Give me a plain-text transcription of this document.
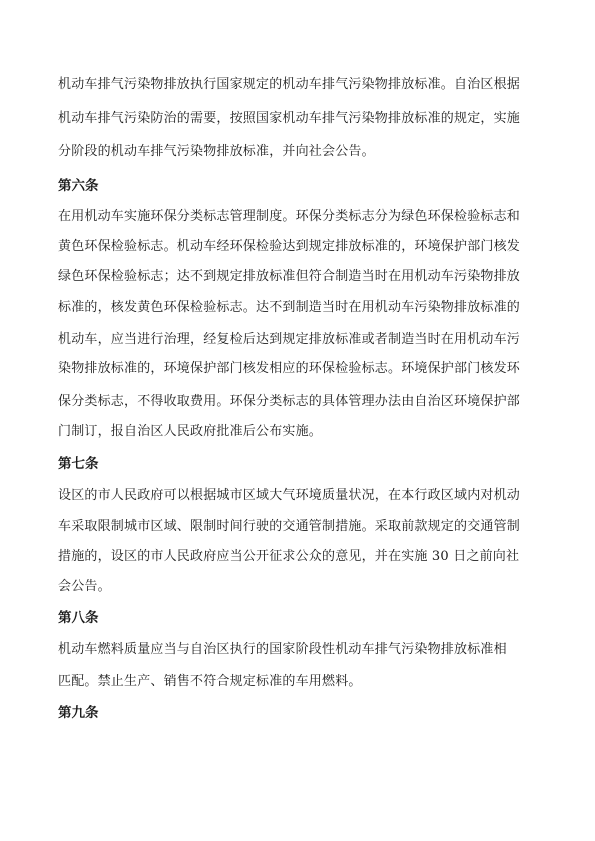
机动车排气污染物排放执行国家规定的机动车排气污染物排放标准。自治区根据
机动车排气污染防治的需要，按照国家机动车排气污染物排放标准的规定，实施
分阶段的机动车排气污染物排放标准，并向社会公告。
第六条
在用机动车实施环保分类标志管理制度。环保分类标志分为绿色环保检验标志和
黄色环保检验标志。机动车经环保检验达到规定排放标准的，环境保护部门核发
绿色环保检验标志；达不到规定排放标准但符合制造当时在用机动车污染物排放
标准的，核发黄色环保检验标志。达不到制造当时在用机动车污染物排放标准的
机动车，应当进行治理，经复检后达到规定排放标准或者制造当时在用机动车污
染物排放标准的，环境保护部门核发相应的环保检验标志。环境保护部门核发环
保分类标志，不得收取费用。环保分类标志的具体管理办法由自治区环境保护部
门制订，报自治区人民政府批准后公布实施。
第七条
设区的市人民政府可以根据城市区域大气环境质量状况，在本行政区域内对机动
车采取限制城市区域、限制时间行驶的交通管制措施。采取前款规定的交通管制
措施的，设区的市人民政府应当公开征求公众的意见，并在实施 30 日之前向社
会公告。
第八条
机动车燃料质量应当与自治区执行的国家阶段性机动车排气污染物排放标准相
匹配。禁止生产、销售不符合规定标准的车用燃料。
第九条
